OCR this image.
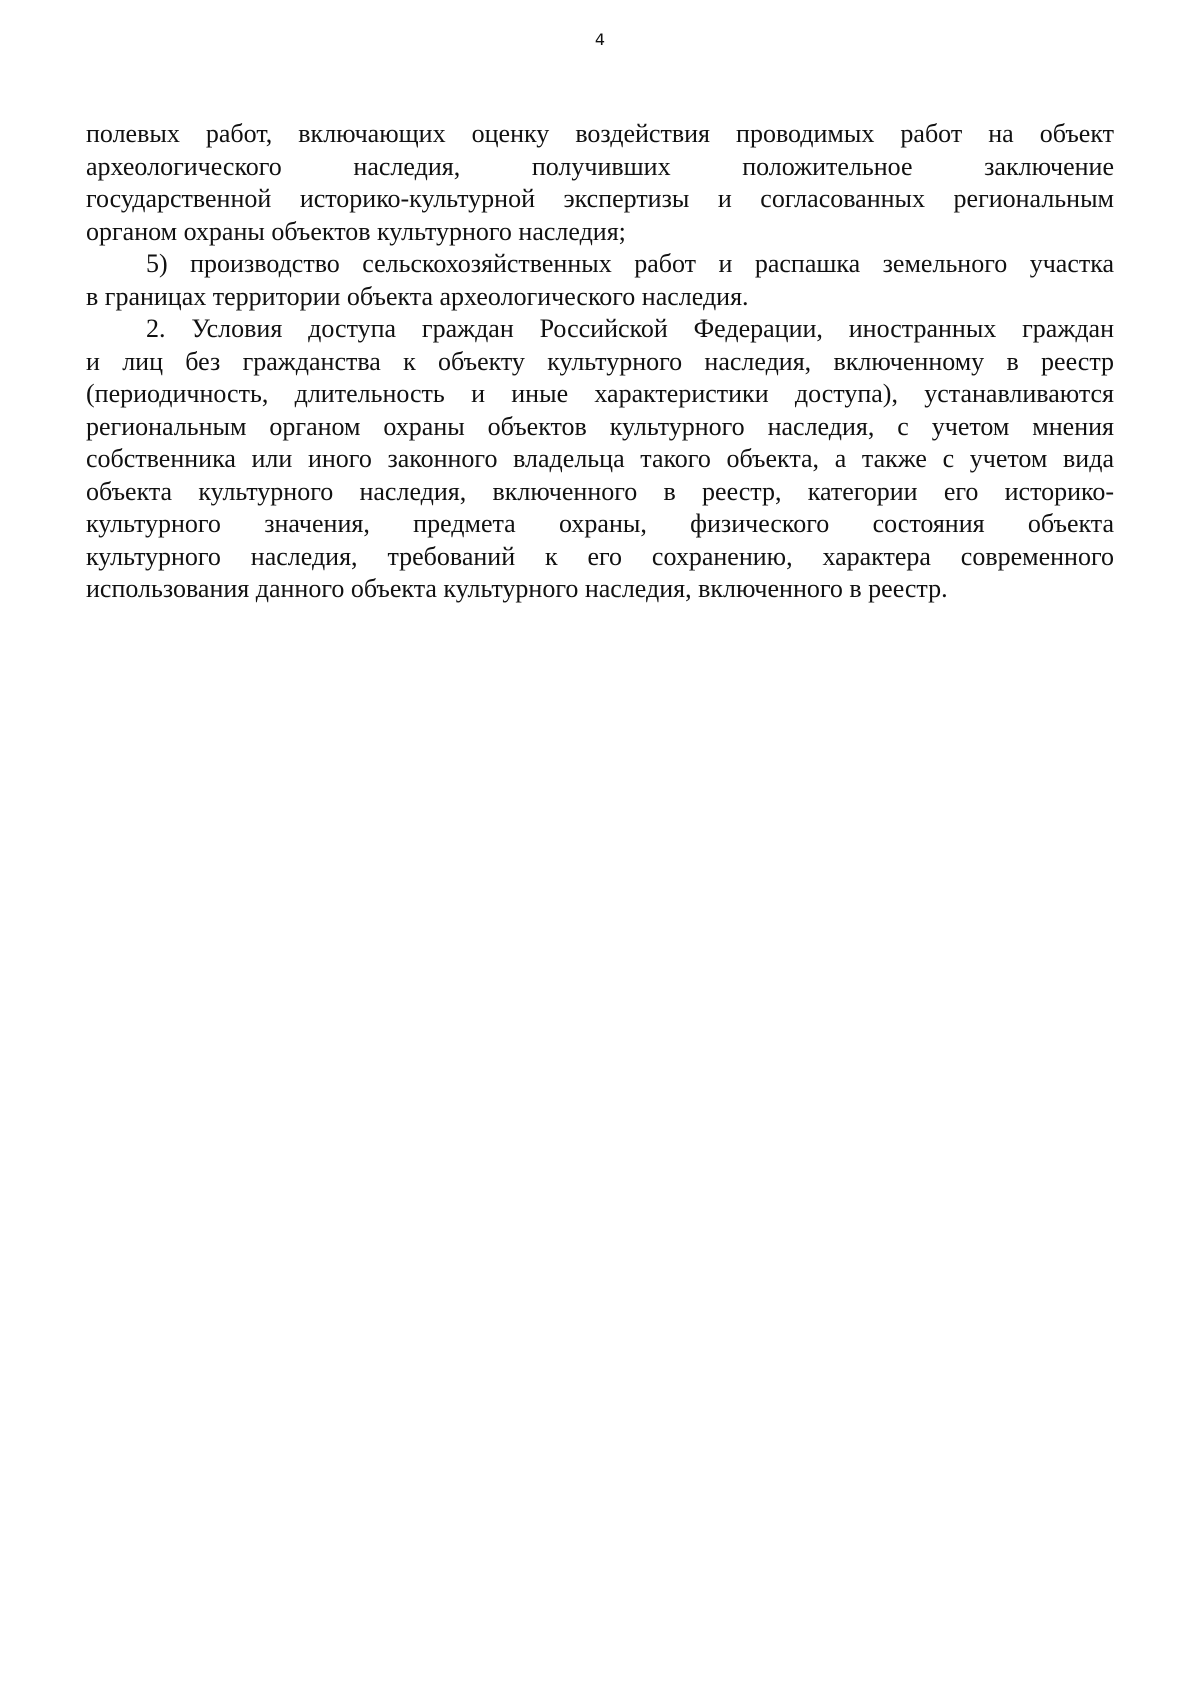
4
полевых работ, включающих оценку воздействия проводимых работ на объект
археологического наследия, получивших положительное заключение
государственной историко-культурной экспертизы и согласованных региональным
органом охраны объектов культурного наследия;
5) производство сельскохозяйственных работ и распашка земельного участка
в границах территории объекта археологического наследия.
2. Условия доступа граждан Российской Федерации, иностранных граждан
и лиц без гражданства к объекту культурного наследия, включенному в реестр
(периодичность, длительность и иные характеристики доступа), устанавливаются
региональным органом охраны объектов культурного наследия, с учетом мнения
собственника или иного законного владельца такого объекта, а также с учетом вида
объекта культурного наследия, включенного в реестр, категории его историко-
культурного значения, предмета охраны, физического состояния объекта
культурного наследия, требований к его сохранению, характера современного
использования данного объекта культурного наследия, включенного в реестр.
